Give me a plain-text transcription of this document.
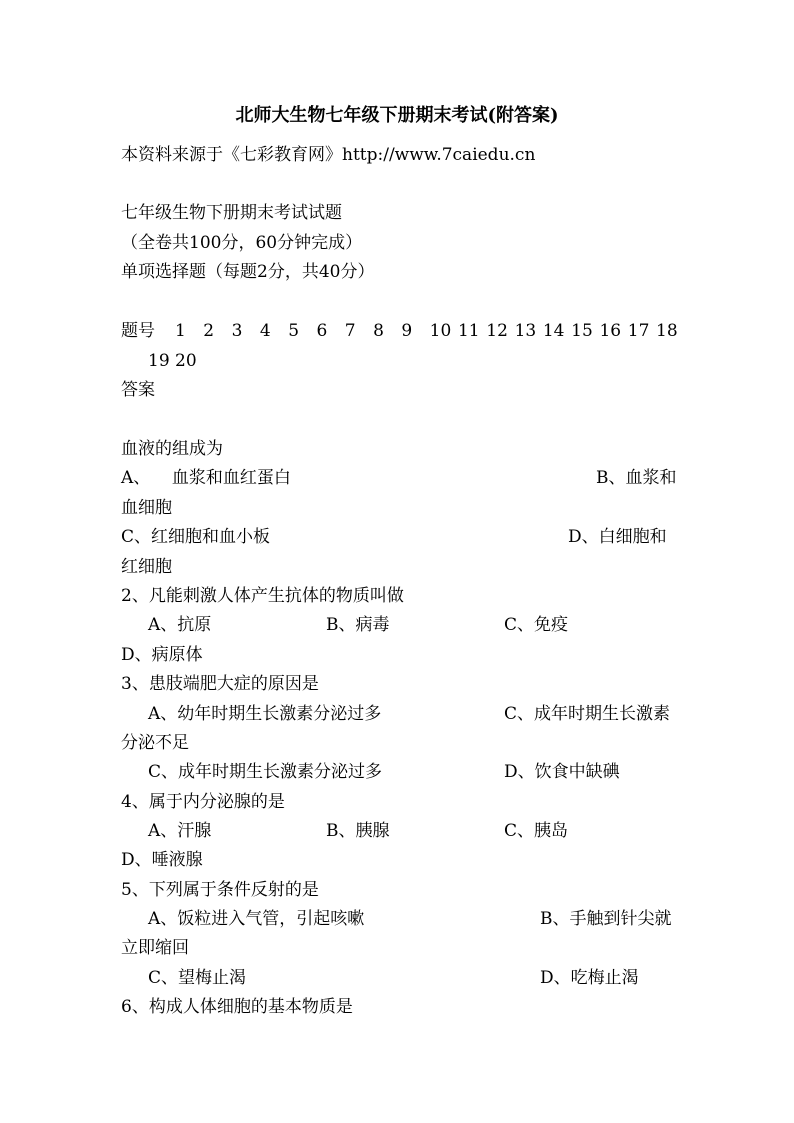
北师大生物七年级下册期末考试(附答案)

本资料来源于《七彩教育网》http://www.7caiedu.cn

七年级生物下册期末考试试题

（全卷共100分，60分钟完成）

单项选择题（每题2分，共40分）

题号 1 2 3 4 5 6 7 8 9 10 11 12 13 14 15 16 17 18

19 20

答案

血液的组成为

A、    血浆和血红蛋白	B、血浆和

血细胞

C、红细胞和血小板	D、白细胞和

红细胞

2、凡能刺激人体产生抗体的物质叫做

A、抗原	B、病毒	C、免疫

D、病原体

3、患肢端肥大症的原因是

A、幼年时期生长激素分泌过多	C、成年时期生长激素

分泌不足

C、成年时期生长激素分泌过多	D、饮食中缺碘

4、属于内分泌腺的是

A、汗腺	B、胰腺	C、胰岛

D、唾液腺

5、下列属于条件反射的是

A、饭粒进入气管，引起咳嗽	B、手触到针尖就

立即缩回

C、望梅止渴	D、吃梅止渴

6、构成人体细胞的基本物质是
